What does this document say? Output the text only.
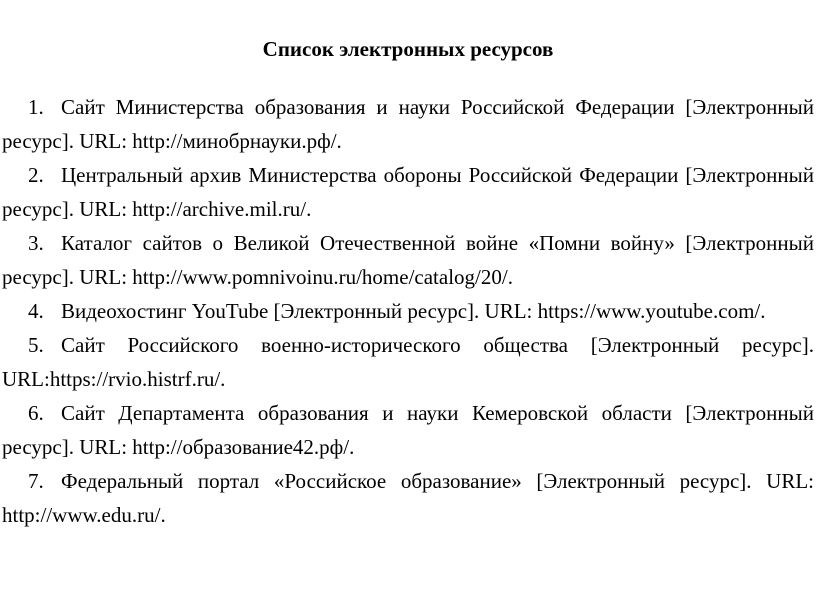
Список электронных ресурсов
1. Сайт Министерства образования и науки Российской Федерации [Электронный ресурс]. URL: http://минобрнауки.рф/.
2. Центральный архив Министерства обороны Российской Федерации [Электронный ресурс]. URL: http://archive.mil.ru/.
3. Каталог сайтов о Великой Отечественной войне «Помни войну» [Электронный ресурс]. URL: http://www.pomnivoinu.ru/home/catalog/20/.
4. Видеохостинг YouTube [Электронный ресурс]. URL: https://www.youtube.com/.
5. Сайт Российского военно-исторического общества [Электронный ресурс]. URL:https://rvio.histrf.ru/.
6. Сайт Департамента образования и науки Кемеровской области [Электронный ресурс]. URL: http://образование42.рф/.
7. Федеральный портал «Российское образование» [Электронный ресурс]. URL: http://www.edu.ru/.
